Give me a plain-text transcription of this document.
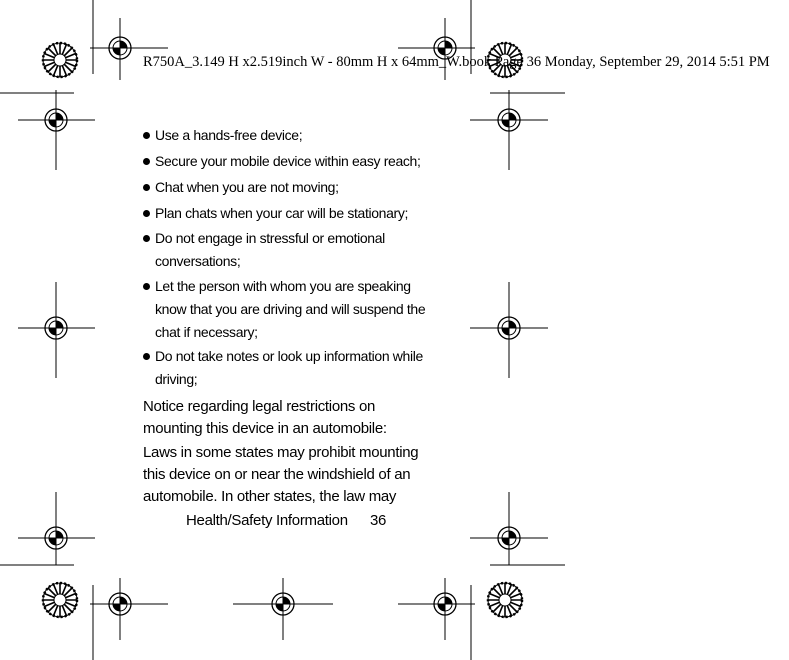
R750A_3.149 H x2.519inch W - 80mm H x 64mm_W.book Page 36 Monday, September 29, 2014 5:51 PM
Use a hands-free device;
Secure your mobile device within easy reach;
Chat when you are not moving;
Plan chats when your car will be stationary;
Do not engage in stressful or emotional
conversations;
Let the person with whom you are speaking
know that you are driving and will suspend the
chat if necessary;
Do not take notes or look up information while
driving;
Notice regarding legal restrictions on
mounting this device in an automobile:
Laws in some states may prohibit mounting
this device on or near the windshield of an
automobile. In other states, the law may
Health/Safety Information 36
